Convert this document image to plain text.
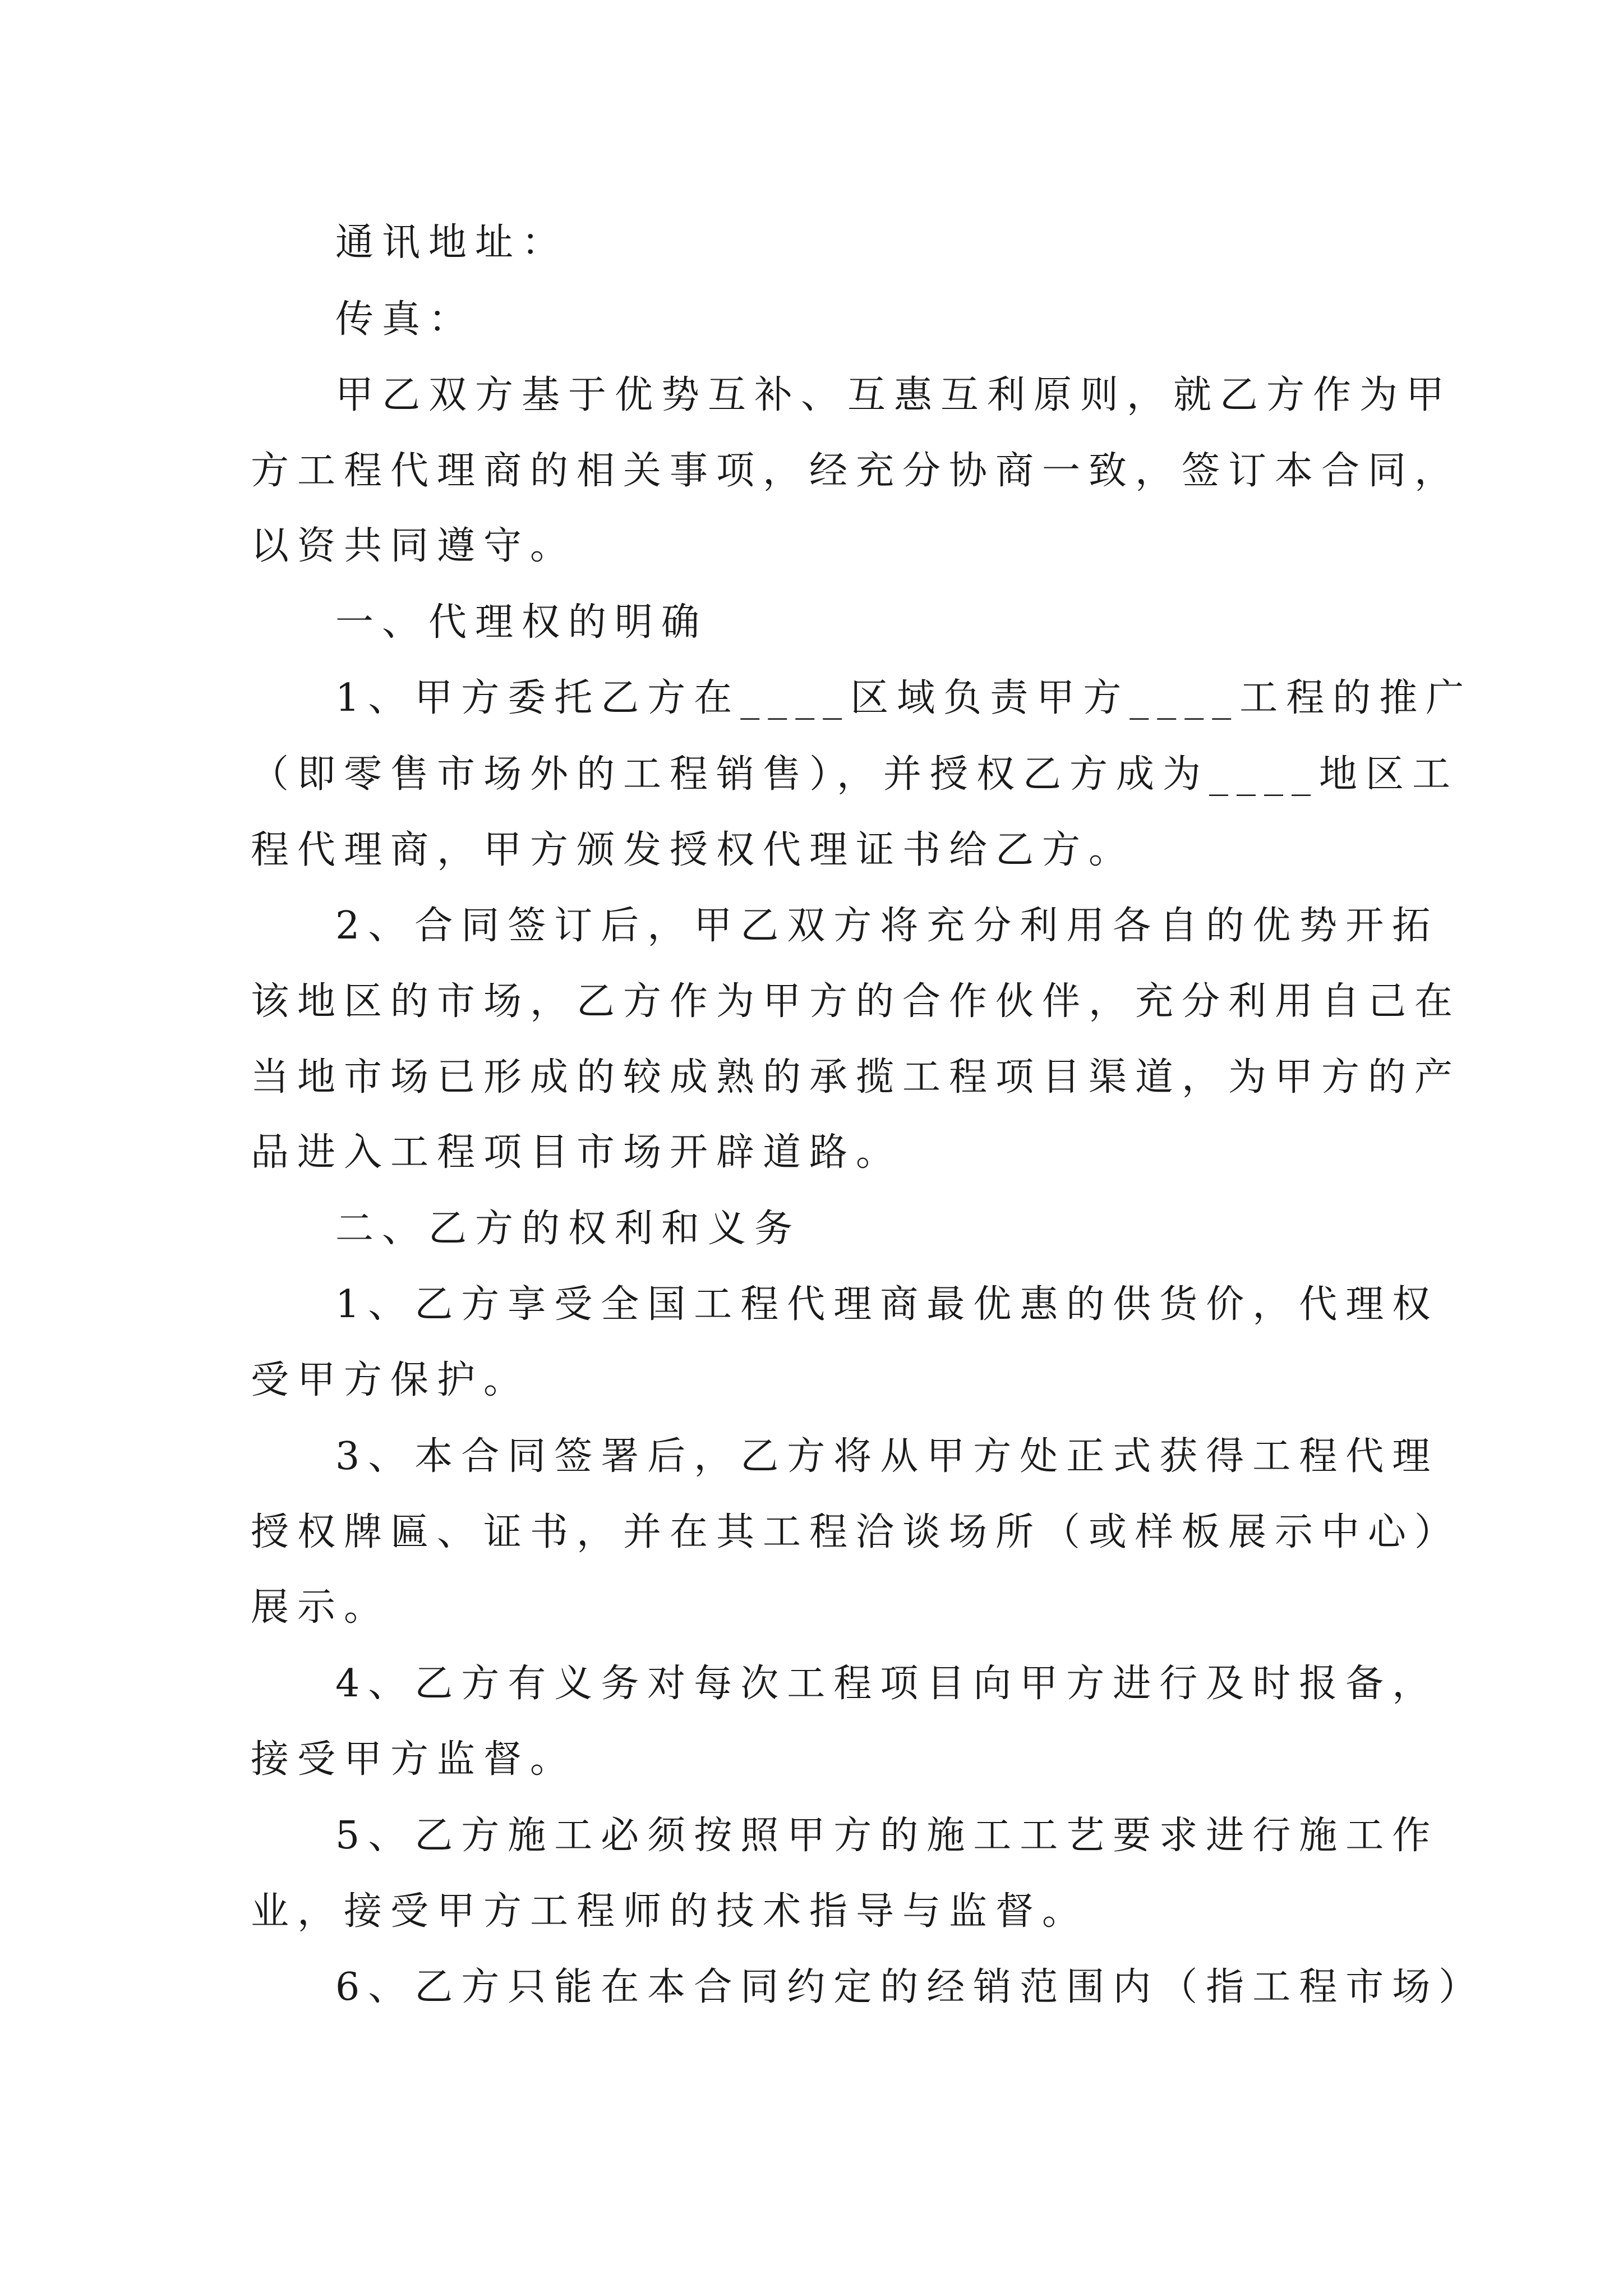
通讯地址：
传真：
甲乙双方基于优势互补、互惠互利原则，就乙方作为甲
方工程代理商的相关事项，经充分协商一致，签订本合同，
以资共同遵守。
一、代理权的明确
1、甲方委托乙方在____区域负责甲方____工程的推广
（即零售市场外的工程销售），并授权乙方成为____地区工
程代理商，甲方颁发授权代理证书给乙方。
2、合同签订后，甲乙双方将充分利用各自的优势开拓
该地区的市场，乙方作为甲方的合作伙伴，充分利用自己在
当地市场已形成的较成熟的承揽工程项目渠道，为甲方的产
品进入工程项目市场开辟道路。
二、乙方的权利和义务
1、乙方享受全国工程代理商最优惠的供货价，代理权
受甲方保护。
3、本合同签署后，乙方将从甲方处正式获得工程代理
授权牌匾、证书，并在其工程洽谈场所（或样板展示中心）
展示。
4、乙方有义务对每次工程项目向甲方进行及时报备，
接受甲方监督。
5、乙方施工必须按照甲方的施工工艺要求进行施工作
业，接受甲方工程师的技术指导与监督。
6、乙方只能在本合同约定的经销范围内（指工程市场）
